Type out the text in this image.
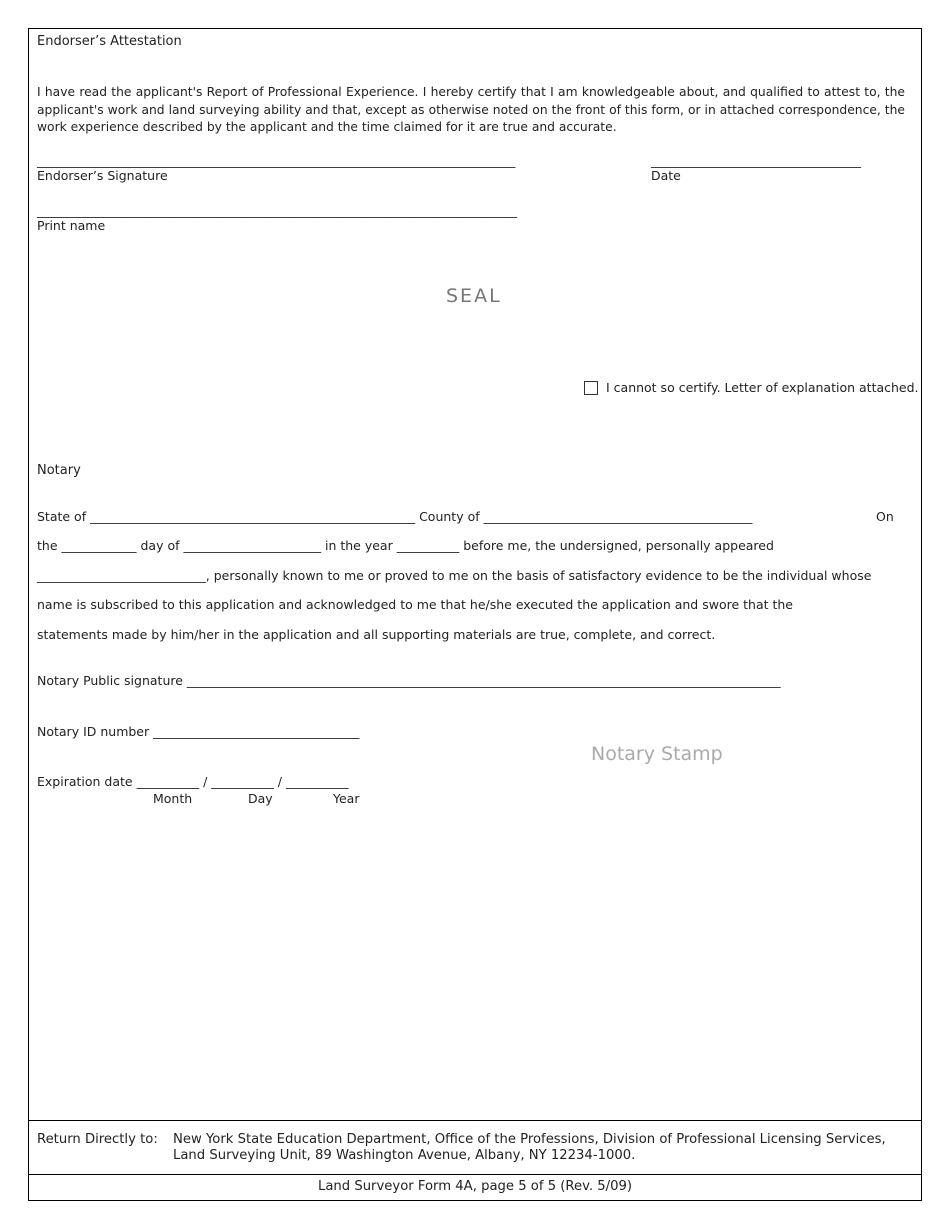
Endorser’s Attestation
I have read the applicant's Report of Professional Experience. I hereby certify that I am knowledgeable about, and qualified to attest to, the applicant's work and land surveying ability and that, except as otherwise noted on the front of this form, or in attached correspondence, the work experience described by the applicant and the time claimed for it are true and accurate.
________________________________________________________________________________
Endorser’s Signature
___________________________________
Date
________________________________________________________________________________
Print name
SEAL
I cannot so certify. Letter of explanation attached.
Notary
State of ____________________________________________________ County of ___________________________________________	On
the ____________ day of ______________________ in the year __________ before me, the undersigned, personally appeared
___________________________, personally known to me or proved to me on the basis of satisfactory evidence to be the individual whose
name is subscribed to this application and acknowledged to me that he/she executed the application and swore that the
statements made by him/her in the application and all supporting materials are true, complete, and correct.
Notary Public signature _______________________________________________________________________________________________
Notary ID number _________________________________
Notary Stamp
Expiration date __________ / __________ / __________
Month	Day	Year
Return Directly to: New York State Education Department, Office of the Professions, Division of Professional Licensing Services,
Land Surveying Unit, 89 Washington Avenue, Albany, NY 12234-1000.
Land Surveyor Form 4A, page 5 of 5 (Rev. 5/09)
